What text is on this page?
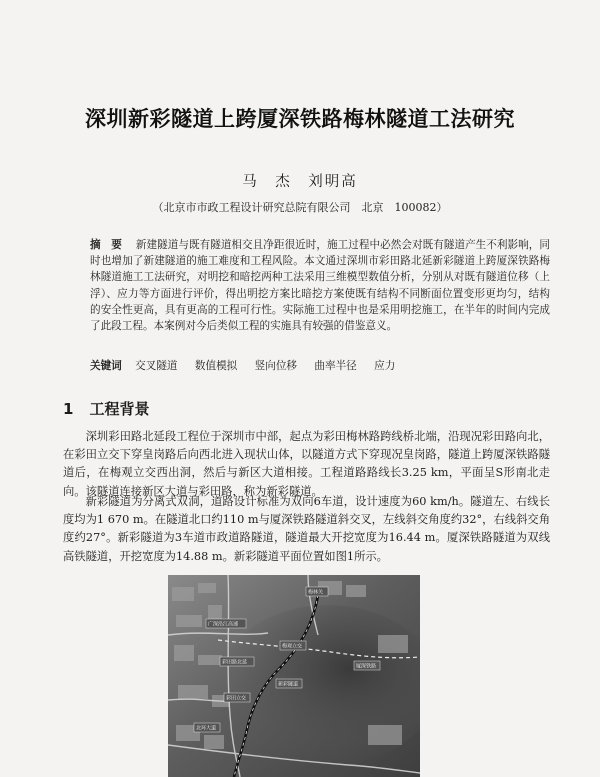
深圳新彩隧道上跨厦深铁路梅林隧道工法研究
马　杰　刘明高
（北京市市政工程设计研究总院有限公司　北京　100082）
摘　要 新建隧道与既有隧道相交且净距很近时，施工过程中必然会对既有隧道产生不利影响，同时也增加了新建隧道的施工难度和工程风险。本文通过深圳市彩田路北延新彩隧道上跨厦深铁路梅林隧道施工工法研究，对明挖和暗挖两种工法采用三维模型数值分析，分别从对既有隧道位移（上浮）、应力等方面进行评价，得出明挖方案比暗挖方案使既有结构不同断面位置变形更均匀，结构的安全性更高，具有更高的工程可行性。实际施工过程中也是采用明挖施工，在半年的时间内完成了此段工程。本案例对今后类似工程的实施具有较强的借鉴意义。
关键词 交叉隧道 数值模拟 竖向位移 曲率半径 应力
1 工程背景

深圳彩田路北延段工程位于深圳市中部，起点为彩田梅林路跨线桥北端，沿现况彩田路向北，在彩田立交下穿皇岗路后向西北进入现状山体，以隧道方式下穿现况皇岗路，隧道上跨厦深铁路隧道后，在梅观立交西出洞，然后与新区大道相接。工程道路路线长3.25 km，平面呈S形南北走向。该隧道连接新区大道与彩田路，称为新彩隧道。

新彩隧道为分离式双洞，道路设计标准为双向6车道，设计速度为60 km/h。隧道左、右线长度均为1 670 m。在隧道北口约110 m与厦深铁路隧道斜交叉，左线斜交角度约32°，右线斜交角度约27°。新彩隧道为3车道市政道路隧道，隧道最大开挖宽度为16.44 m。厦深铁路隧道为双线高铁隧道，开挖宽度为14.88 m。新彩隧道平面位置如图1所示。

梅林关
广深沿江高速
梅观立交
彩田路北延
厦深铁路
新彩隧道
彩田立交
北环大道
